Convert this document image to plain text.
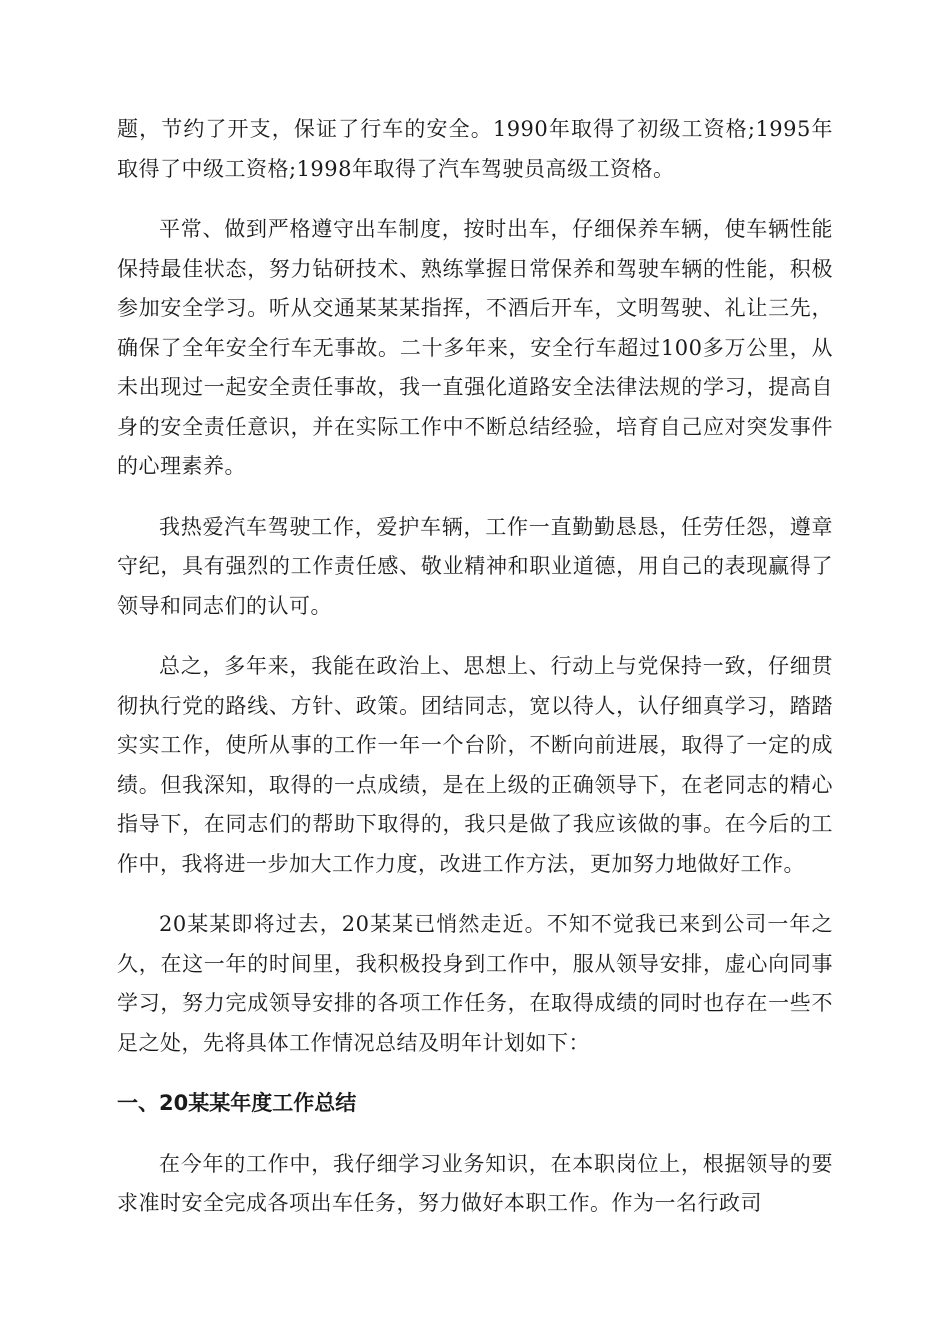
题，节约了开支，保证了行车的安全。1990年取得了初级工资格;1995年取得了中级工资格;1998年取得了汽车驾驶员高级工资格。

平常、做到严格遵守出车制度，按时出车，仔细保养车辆，使车辆性能保持最佳状态，努力钻研技术、熟练掌握日常保养和驾驶车辆的性能，积极参加安全学习。听从交通某某某指挥，不酒后开车，文明驾驶、礼让三先，确保了全年安全行车无事故。二十多年来，安全行车超过100多万公里，从未出现过一起安全责任事故，我一直强化道路安全法律法规的学习，提高自身的安全责任意识，并在实际工作中不断总结经验，培育自己应对突发事件的心理素养。

我热爱汽车驾驶工作，爱护车辆，工作一直勤勤恳恳，任劳任怨，遵章守纪，具有强烈的工作责任感、敬业精神和职业道德，用自己的表现赢得了领导和同志们的认可。

总之，多年来，我能在政治上、思想上、行动上与党保持一致，仔细贯彻执行党的路线、方针、政策。团结同志，宽以待人，认仔细真学习，踏踏实实工作，使所从事的工作一年一个台阶，不断向前进展，取得了一定的成绩。但我深知，取得的一点成绩，是在上级的正确领导下，在老同志的精心指导下，在同志们的帮助下取得的，我只是做了我应该做的事。在今后的工作中，我将进一步加大工作力度，改进工作方法，更加努力地做好工作。

20某某即将过去，20某某已悄然走近。不知不觉我已来到公司一年之久，在这一年的时间里，我积极投身到工作中，服从领导安排，虚心向同事学习，努力完成领导安排的各项工作任务，在取得成绩的同时也存在一些不足之处，先将具体工作情况总结及明年计划如下：

一、20某某年度工作总结

在今年的工作中，我仔细学习业务知识，在本职岗位上，根据领导的要求准时安全完成各项出车任务，努力做好本职工作。作为一名行政司
